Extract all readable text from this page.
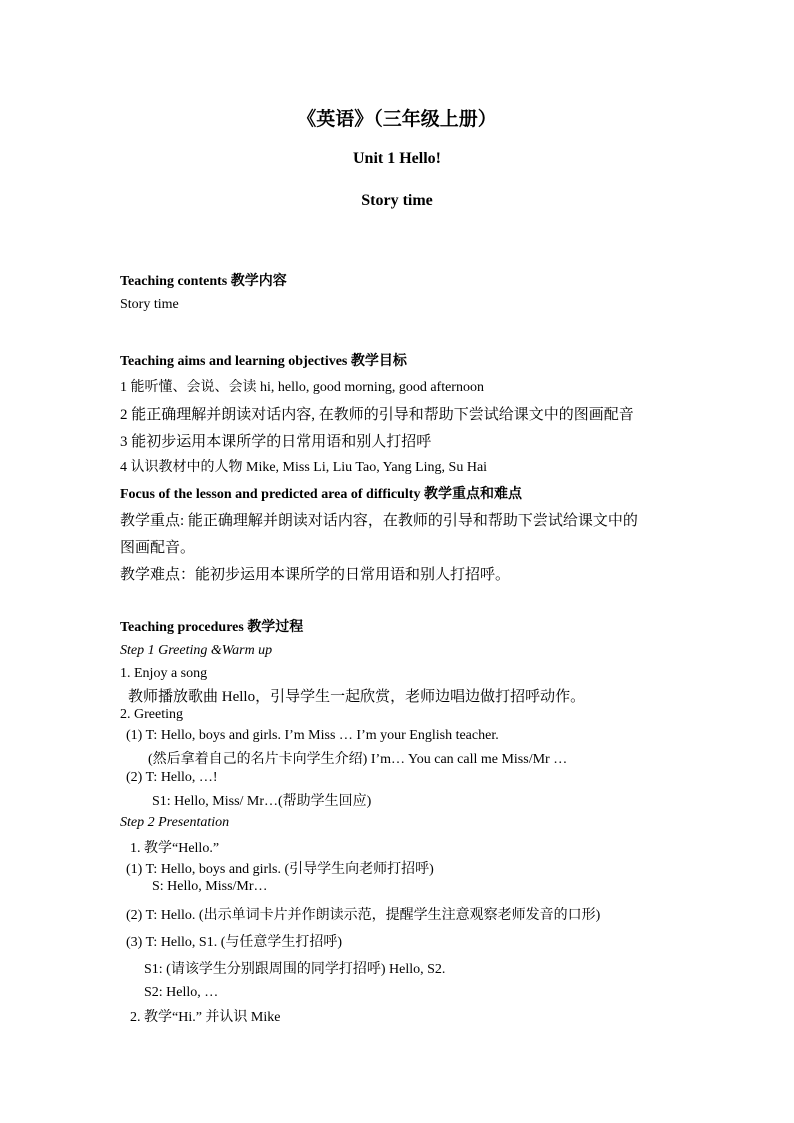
《英语》（三年级上册）
Unit 1 Hello!
Story time

Teaching contents 教学内容

Story time

Teaching aims and learning objectives 教学目标

1 能听懂、会说、会读 hi, hello, good morning, good afternoon

2 能正确理解并朗读对话内容, 在教师的引导和帮助下尝试给课文中的图画配音

3 能初步运用本课所学的日常用语和别人打招呼

4 认识教材中的人物 Mike, Miss Li, Liu Tao, Yang Ling, Su Hai

Focus of the lesson and predicted area of difficulty 教学重点和难点

教学重点: 能正确理解并朗读对话内容，在教师的引导和帮助下尝试给课文中的

图画配音。

教学难点：能初步运用本课所学的日常用语和别人打招呼。

Teaching procedures 教学过程

Step 1 Greeting &Warm up

1. Enjoy a song

教师播放歌曲 Hello，引导学生一起欣赏，老师边唱边做打招呼动作。

2. Greeting

(1) T: Hello, boys and girls. I’m Miss … I’m your English teacher.

(然后拿着自己的名片卡向学生介绍) I’m… You can call me Miss/Mr …

(2) T: Hello, …!

S1: Hello, Miss/ Mr…(帮助学生回应)

Step 2 Presentation

1. 教学“Hello.”

(1) T: Hello, boys and girls. (引导学生向老师打招呼)

S: Hello, Miss/Mr…

(2) T: Hello. (出示单词卡片并作朗读示范，提醒学生注意观察老师发音的口形)

(3) T: Hello, S1. (与任意学生打招呼)

S1: (请该学生分别跟周围的同学打招呼) Hello, S2.

S2: Hello, …

2. 教学“Hi.” 并认识 Mike
